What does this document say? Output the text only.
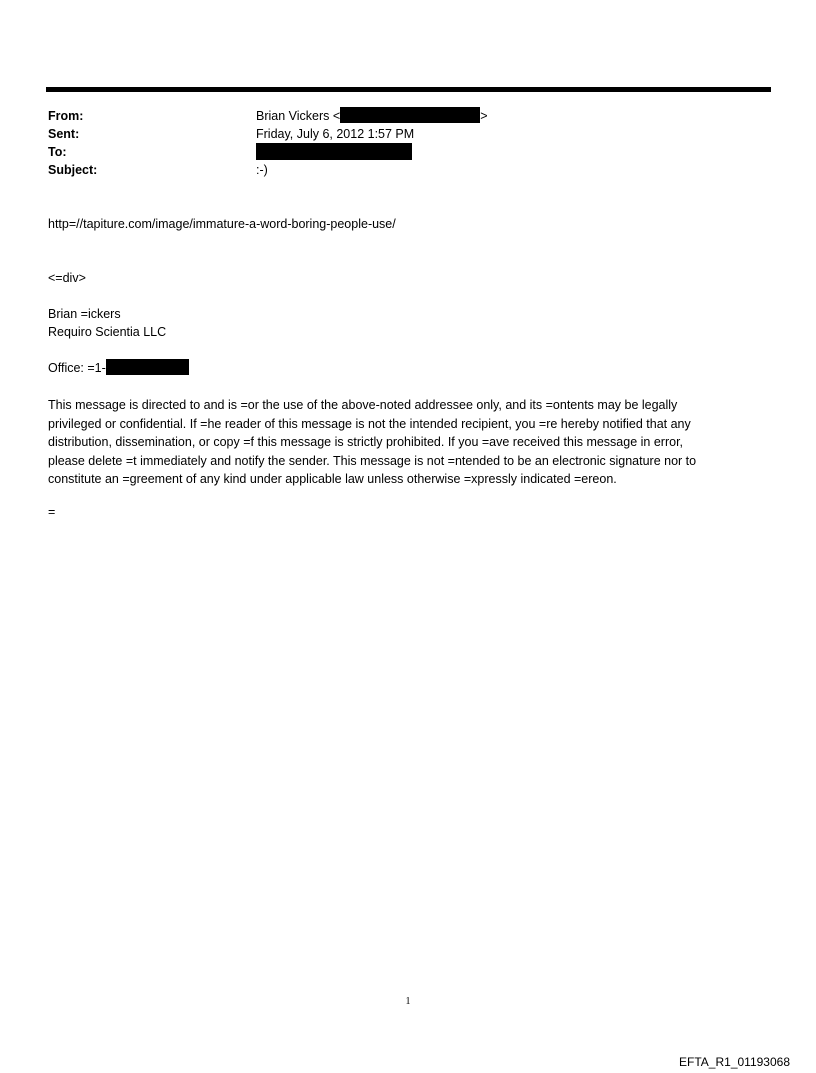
From:
Sent:
To:
Subject:
Brian Vickers <	>
Friday, July 6, 2012 1:57 PM
:-)
http=//tapiture.com/image/immature-a-word-boring-people-use/
<=div>
Brian =ickers
Requiro Scientia LLC
Office: =1-
This message is directed to and is =or the use of the above-noted addressee only, and its =ontents may be legally
privileged or confidential. If =he reader of this message is not the intended recipient, you =re hereby notified that any
distribution, dissemination, or copy =f this message is strictly prohibited. If you =ave received this message in error,
please delete =t immediately and notify the sender. This message is not =ntended to be an electronic signature nor to
constitute an =greement of any kind under applicable law unless otherwise =xpressly indicated =ereon.
=
1
EFTA_R1_01193068
